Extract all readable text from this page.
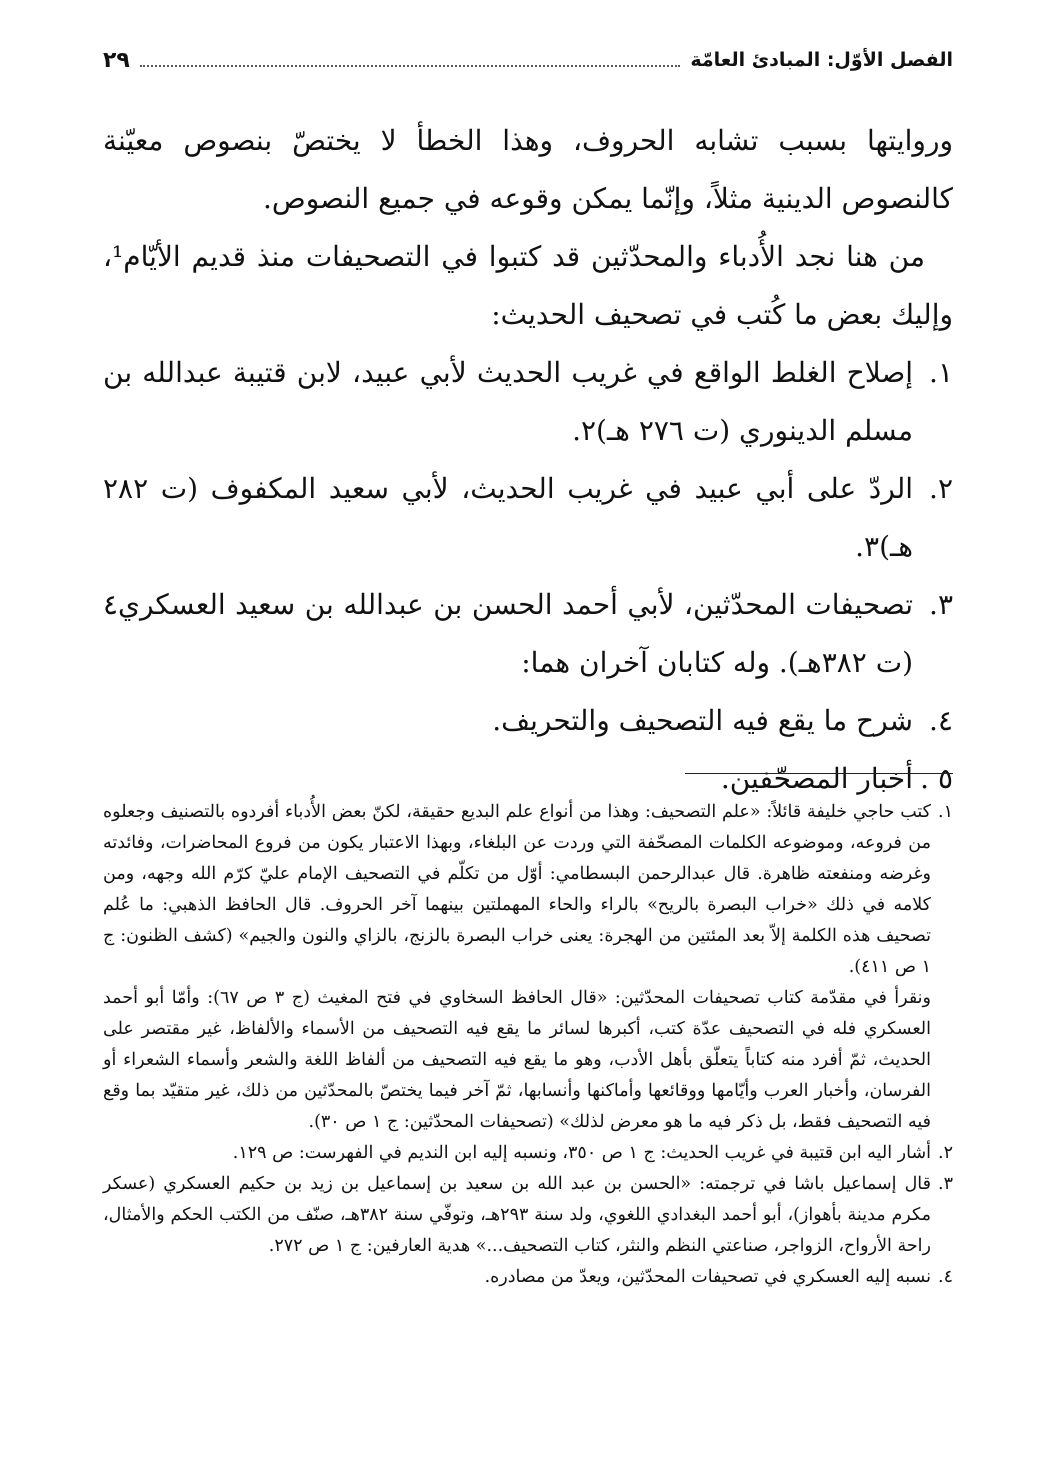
الفصل الأوّل: المبادئ العامّة
٢٩

وروايتها بسبب تشابه الحروف، وهذا الخطأ لا يختصّ بنصوص معيّنة كالنصوص الدينية مثلاً، وإنّما يمكن وقوعه في جميع النصوص.

من هنا نجد الأُدباء والمحدّثين قد كتبوا في التصحيفات منذ قديم الأيّام¹، وإليك بعض ما كُتب في تصحيف الحديث:

١.
إصلاح الغلط الواقع في غريب الحديث لأبي عبيد، لابن قتيبة عبدالله بن مسلم الدينوري (ت ٢٧٦ هـ)٢.
٢.
الردّ على أبي عبيد في غريب الحديث، لأبي سعيد المكفوف (ت ٢٨٢ هـ)٣.
٣.
تصحيفات المحدّثين، لأبي أحمد الحسن بن عبدالله بن سعيد العسكري٤ (ت ٣٨٢هـ). وله كتابان آخران هما:
٤.
شرح ما يقع فيه التصحيف والتحريف.
٥ .
أخبار المصحّفين.
١.
كتب حاجي خليفة قائلاً: «علم التصحيف: وهذا من أنواع علم البديع حقيقة، لكنّ بعض الأُدباء أفردوه بالتصنيف وجعلوه من فروعه، وموضوعه الكلمات المصحّفة التي وردت عن البلغاء، وبهذا الاعتبار يكون من فروع المحاضرات، وفائدته وغرضه ومنفعته ظاهرة. قال عبدالرحمن البسطامي: أوّل من تكلّم في التصحيف الإمام عليّ كرّم الله وجهه، ومن كلامه في ذلك «خراب البصرة بالريح» بالراء والحاء المهملتين بينهما آخر الحروف. قال الحافظ الذهبي: ما عُلم تصحيف هذه الكلمة إلاّ بعد المئتين من الهجرة: يعنى خراب البصرة بالزنج، بالزاي والنون والجيم» (كشف الظنون: ج ١ ص ٤١١).

ونقرأ في مقدّمة كتاب تصحيفات المحدّثين: «قال الحافظ السخاوي في فتح المغيث (ج ٣ ص ٦٧): وأمّا أبو أحمد العسكري فله في التصحيف عدّة كتب، أكبرها لسائر ما يقع فيه التصحيف من الأسماء والألفاظ، غير مقتصر على الحديث، ثمّ أفرد منه كتاباً يتعلّق بأهل الأدب، وهو ما يقع فيه التصحيف من ألفاظ اللغة والشعر وأسماء الشعراء أو الفرسان، وأخبار العرب وأيّامها ووقائعها وأماكنها وأنسابها، ثمّ آخر فيما يختصّ بالمحدّثين من ذلك، غير متقيّد بما وقع فيه التصحيف فقط، بل ذكر فيه ما هو معرض لذلك» (تصحيفات المحدّثين: ج ١ ص ٣٠).

٢.
أشار اليه ابن قتيبة في غريب الحديث: ج ١ ص ٣٥٠، ونسبه إليه ابن النديم في الفهرست: ص ١٢٩.
٣.
قال إسماعيل باشا في ترجمته: «الحسن بن عبد الله بن سعيد بن إسماعيل بن زيد بن حكيم العسكري (عسكر مكرم مدينة بأهواز)، أبو أحمد البغدادي اللغوي، ولد سنة ٢٩٣هـ، وتوفّي سنة ٣٨٢هـ، صنّف من الكتب الحكم والأمثال، راحة الأرواح، الزواجر، صناعتي النظم والنثر، كتاب التصحيف...» هدية العارفين: ج ١ ص ٢٧٢.
٤.
نسبه إليه العسكري في تصحيفات المحدّثين، ويعدّ من مصادره.
